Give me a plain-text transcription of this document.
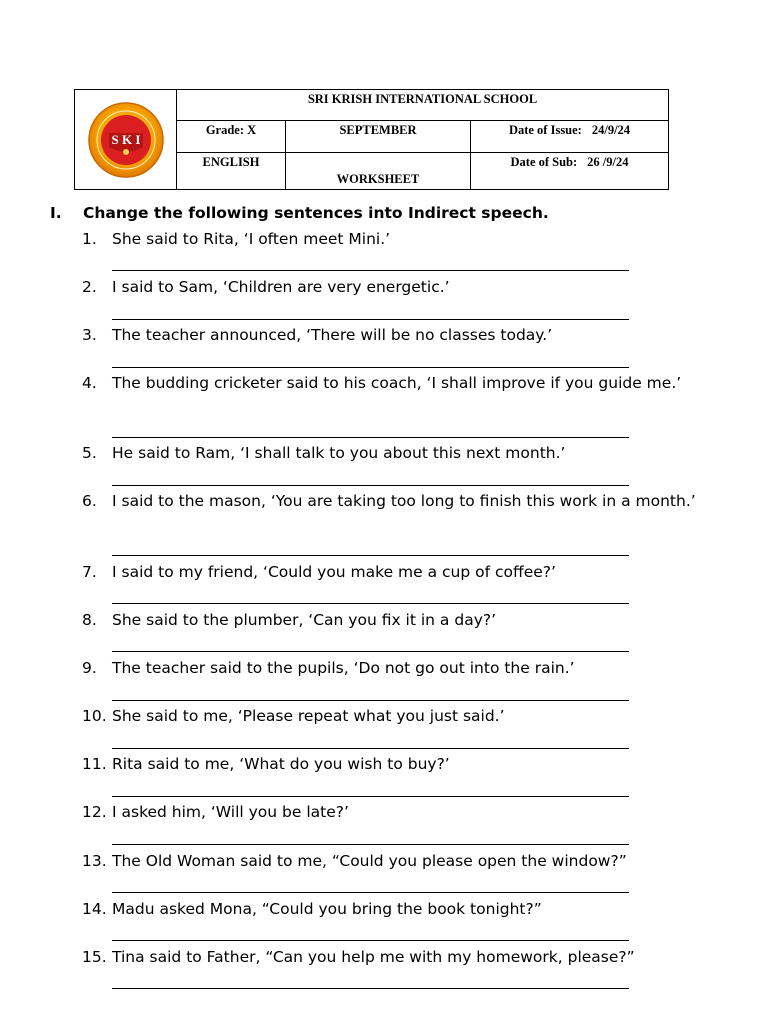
S K I	SRI KRISH INTERNATIONAL SCHOOL		
	Grade: X	SEPTEMBER	Date of Issue: 24/9/24
	ENGLISH	WORKSHEET	Date of Sub: 26 /9/24
I. Change the following sentences into Indirect speech.
1. She said to Rita, ‘I often meet Mini.’
2. I said to Sam, ‘Children are very energetic.’
3. The teacher announced, ‘There will be no classes today.’
4. The budding cricketer said to his coach, ‘I shall improve if you guide me.’
5. He said to Ram, ‘I shall talk to you about this next month.’
6. I said to the mason, ‘You are taking too long to finish this work in a month.’
7. I said to my friend, ‘Could you make me a cup of coffee?’
8. She said to the plumber, ‘Can you fix it in a day?’
9. The teacher said to the pupils, ‘Do not go out into the rain.’
10. She said to me, ‘Please repeat what you just said.’
11. Rita said to me, ‘What do you wish to buy?’
12. I asked him, ‘Will you be late?’
13. The Old Woman said to me, “Could you please open the window?”
14. Madu asked Mona, “Could you bring the book tonight?”
15. Tina said to Father, “Can you help me with my homework, please?”
